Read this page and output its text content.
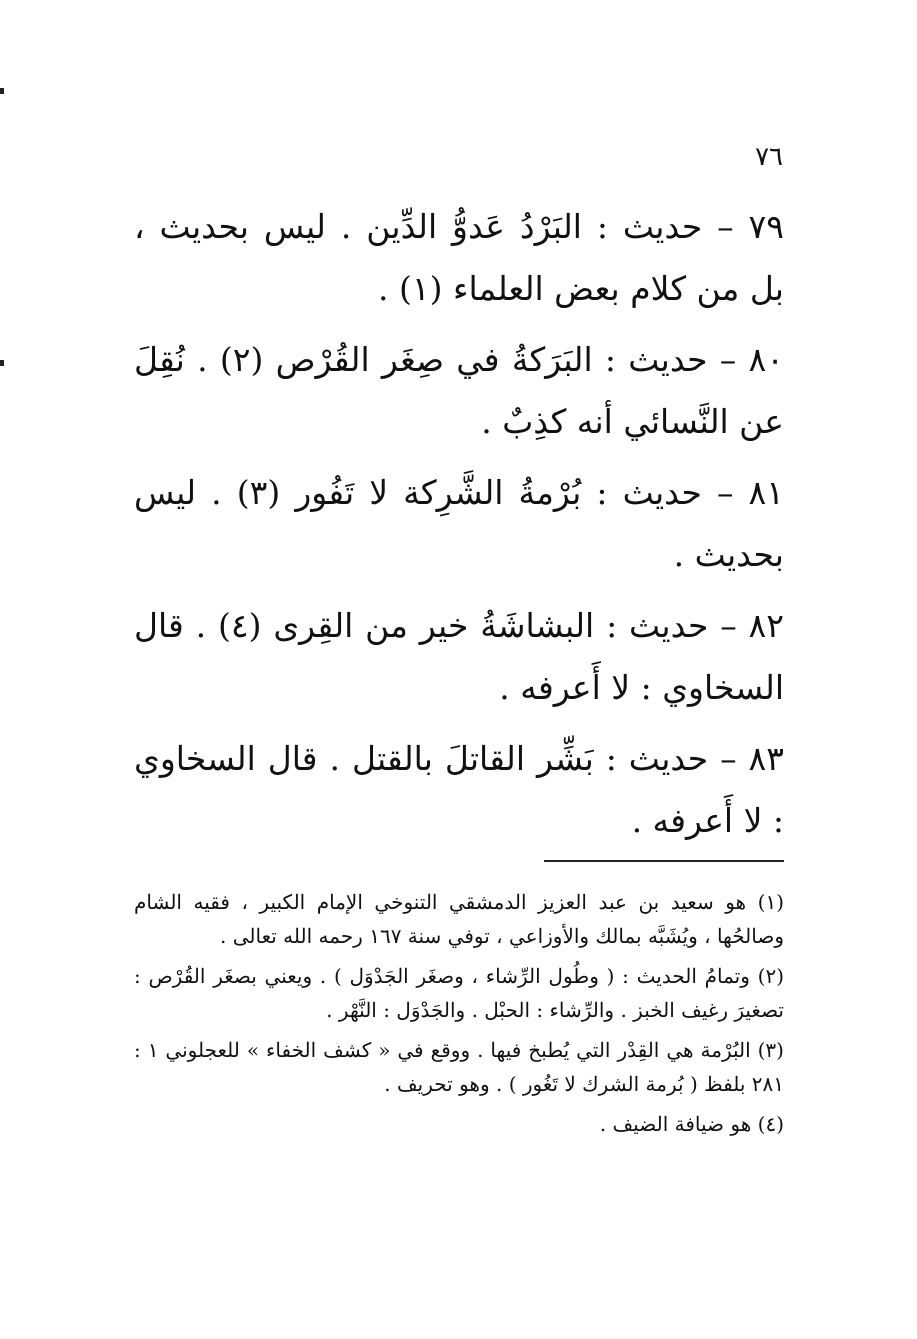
٧٦

٧٩ – حديث : البَرْدُ عَدوُّ الدِّين . ليس بحديث ، بل من كلام بعض العلماء (١) .

٨٠ – حديث : البَرَكةُ في صِغَر القُرْص (٢) . نُقِلَ عن النَّسائي أنه كذِبٌ .

٨١ – حديث : بُرْمةُ الشَّرِكة لا تَفُور (٣) . ليس بحديث .

٨٢ – حديث : البشاشَةُ خير من القِرى (٤) . قال السخاوي : لا أَعرفه .

٨٣ – حديث : بَشِّر القاتلَ بالقتل . قال السخاوي : لا أَعرفه .

(١) هو سعيد بن عبد العزيز الدمشقي التنوخي الإمام الكبير ، فقيه الشام وصالحُها ، ويُشَبَّه بمالك والأوزاعي ، توفي سنة ١٦٧ رحمه الله تعالى .

(٢) وتمامُ الحديث : ( وطُول الرِّشاء ، وصغَر الجَدْوَل ) . ويعني بصغَر القُرْص : تصغيرَ رغيف الخبز . والرِّشاء : الحبْل . والجَدْوَل : النَّهْر .

(٣) البُرْمة هي القِدْر التي يُطبخ فيها . ووقع في « كشف الخفاء » للعجلوني ١ : ٢٨١ بلفظ ( بُرمة الشرك لا تَغُور ) . وهو تحريف .

(٤) هو ضيافة الضيف .
